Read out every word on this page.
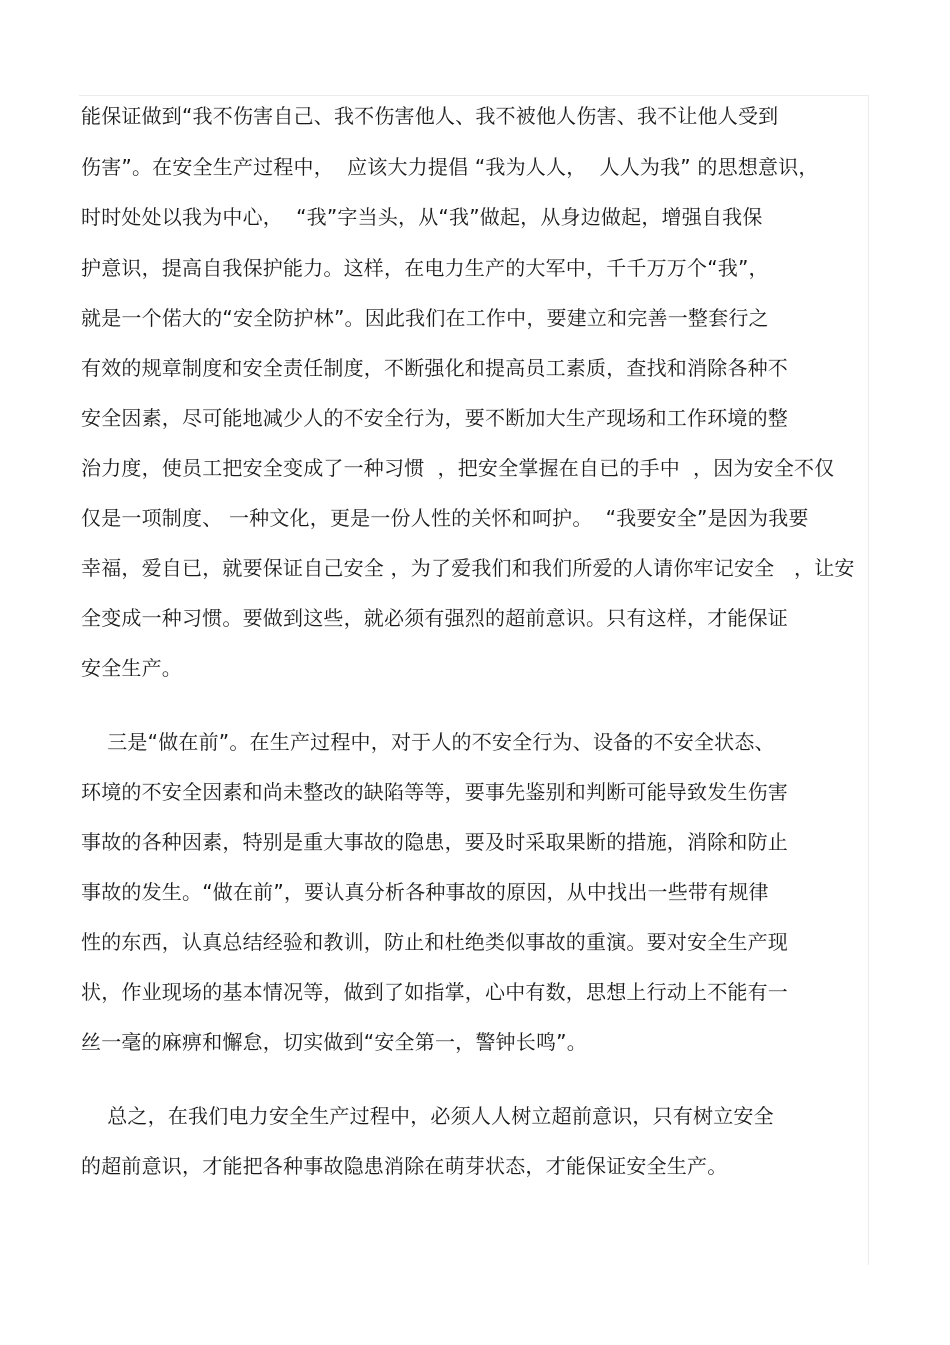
能保证做到“我不伤害自己、我不伤害他人、我不被他人伤害、我不让他人受到
伤害”。在安全生产过程中，  应该大力提倡 “我为人人，  人人为我” 的思想意识，
时时处处以我为中心，  “我”字当头，从“我”做起，从身边做起，增强自我保
护意识，提高自我保护能力。这样，在电力生产的大军中，千千万万个“我”，
就是一个偌大的“安全防护林”。因此我们在工作中，要建立和完善一整套行之
有效的规章制度和安全责任制度，不断强化和提高员工素质，查找和消除各种不
安全因素，尽可能地减少人的不安全行为，要不断加大生产现场和工作环境的整
治力度，使员工把安全变成了一种习惯  ，把安全掌握在自已的手中  ，因为安全不仅
仅是一项制度、 一种文化，更是一份人性的关怀和呵护。  “我要安全”是因为我要
幸福，爱自已，就要保证自己安全 ，为了爱我们和我们所爱的人请你牢记安全   ，让安
全变成一种习惯。要做到这些，就必须有强烈的超前意识。只有这样，才能保证
安全生产。
三是“做在前”。在生产过程中，对于人的不安全行为、设备的不安全状态、
环境的不安全因素和尚未整改的缺陷等等，要事先鉴别和判断可能导致发生伤害
事故的各种因素，特别是重大事故的隐患，要及时采取果断的措施，消除和防止
事故的发生。“做在前”，要认真分析各种事故的原因，从中找出一些带有规律
性的东西，认真总结经验和教训，防止和杜绝类似事故的重演。要对安全生产现
状，作业现场的基本情况等，做到了如指掌，心中有数，思想上行动上不能有一
丝一毫的麻痹和懈怠，切实做到“安全第一，警钟长鸣”。
总之，在我们电力安全生产过程中，必须人人树立超前意识，只有树立安全
的超前意识，才能把各种事故隐患消除在萌芽状态，才能保证安全生产。
